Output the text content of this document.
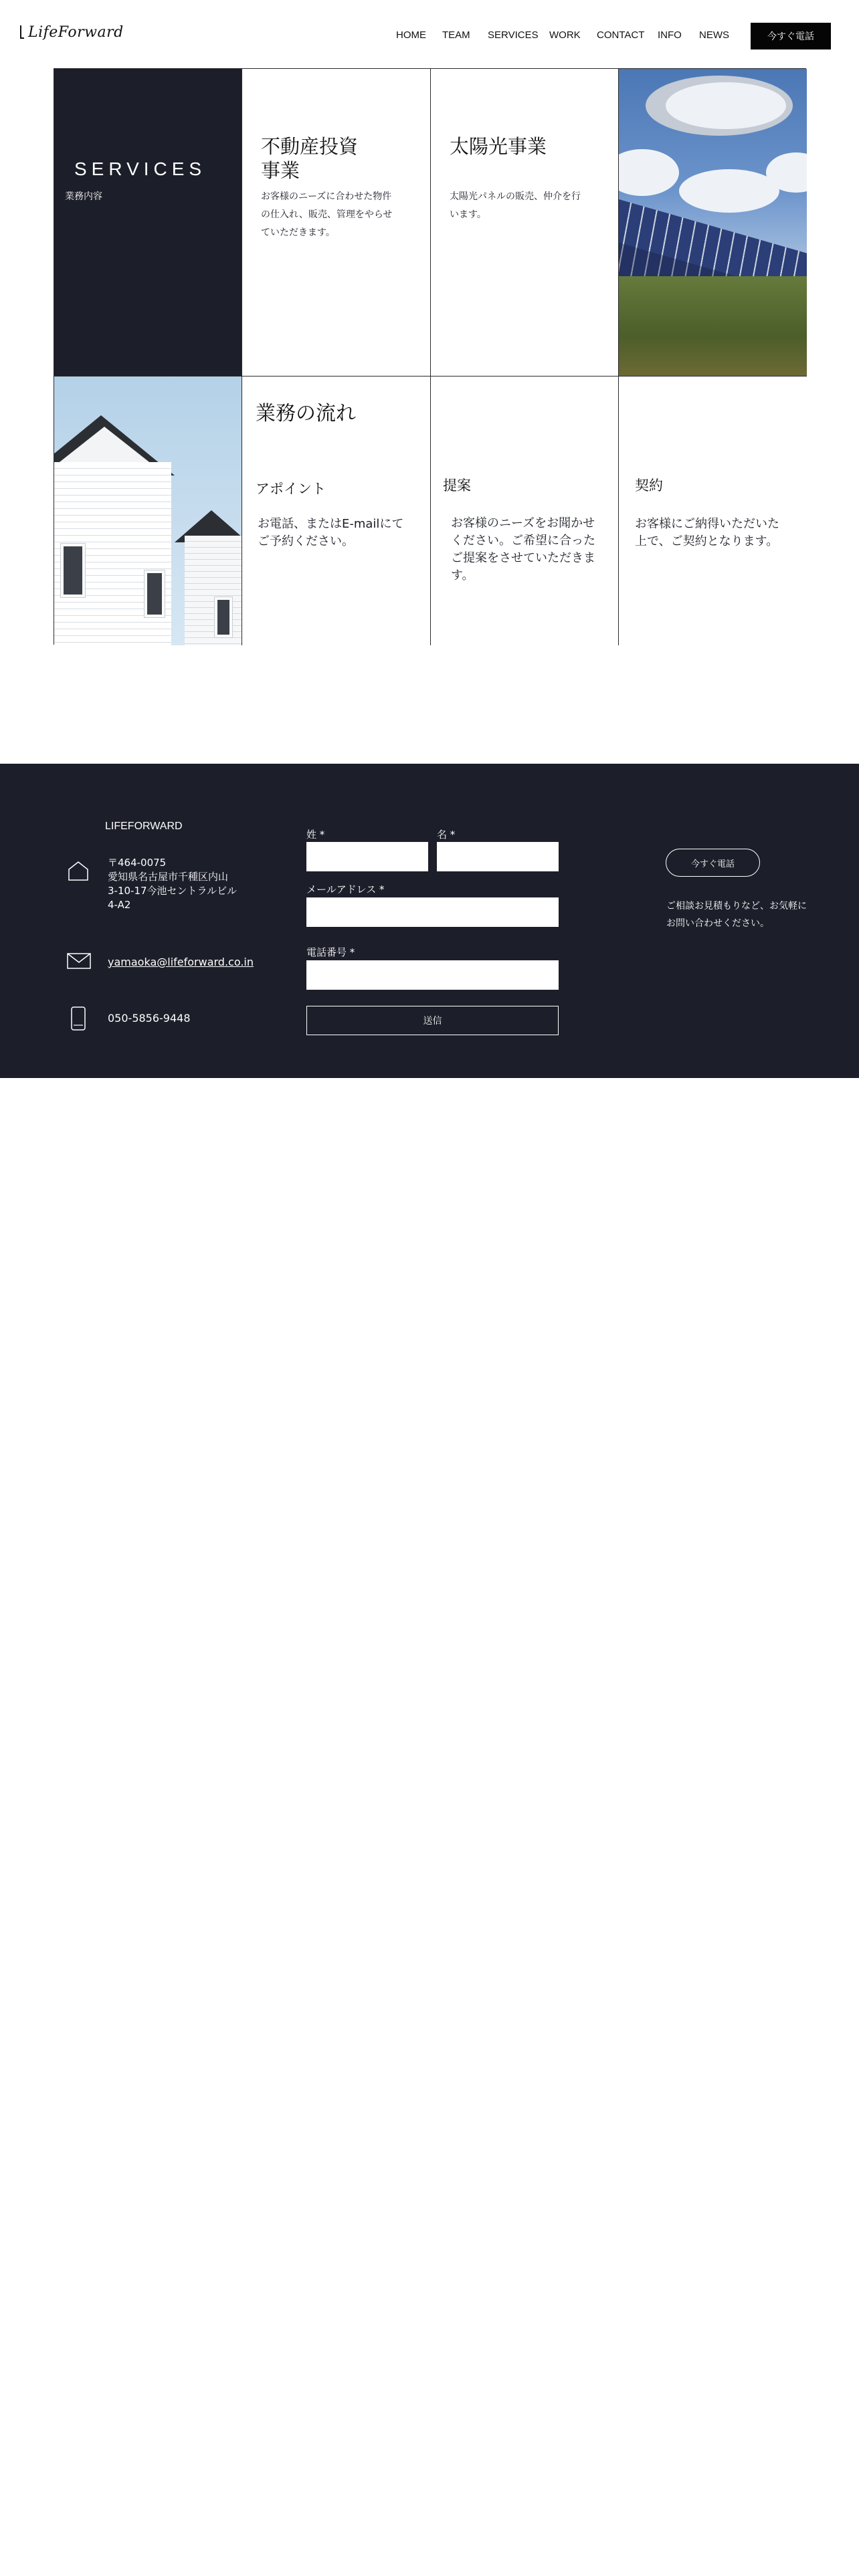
LifeForward	HOME TEAM SERVICES WORK CONTACT INFO NEWS	今すぐ電話
SERVICES
業務内容
不動産投資
事業
お客様のニーズに合わせた物件
の仕入れ、販売、管理をやらせ
ていただきます。
太陽光事業
太陽光パネルの販売、仲介を行
います。
業務の流れ
アポイント
お電話、またはE-mailにて
ご予約ください。
提案
お客様のニーズをお聞かせ
ください。ご希望に合った
ご提案をさせていただきます。
契約
お客様にご納得いただいた
上で、ご契約となります。
LIFEFORWARD
〒464-0075
愛知県名古屋市千種区内山
3-10-17今池セントラルビル
4-A2
yamaoka@lifeforward.co.in
050-5856-9448
姓 *	名 *
メールアドレス *
電話番号 *
送信
今すぐ電話
ご相談お見積もりなど、お気軽に
お問い合わせください。
